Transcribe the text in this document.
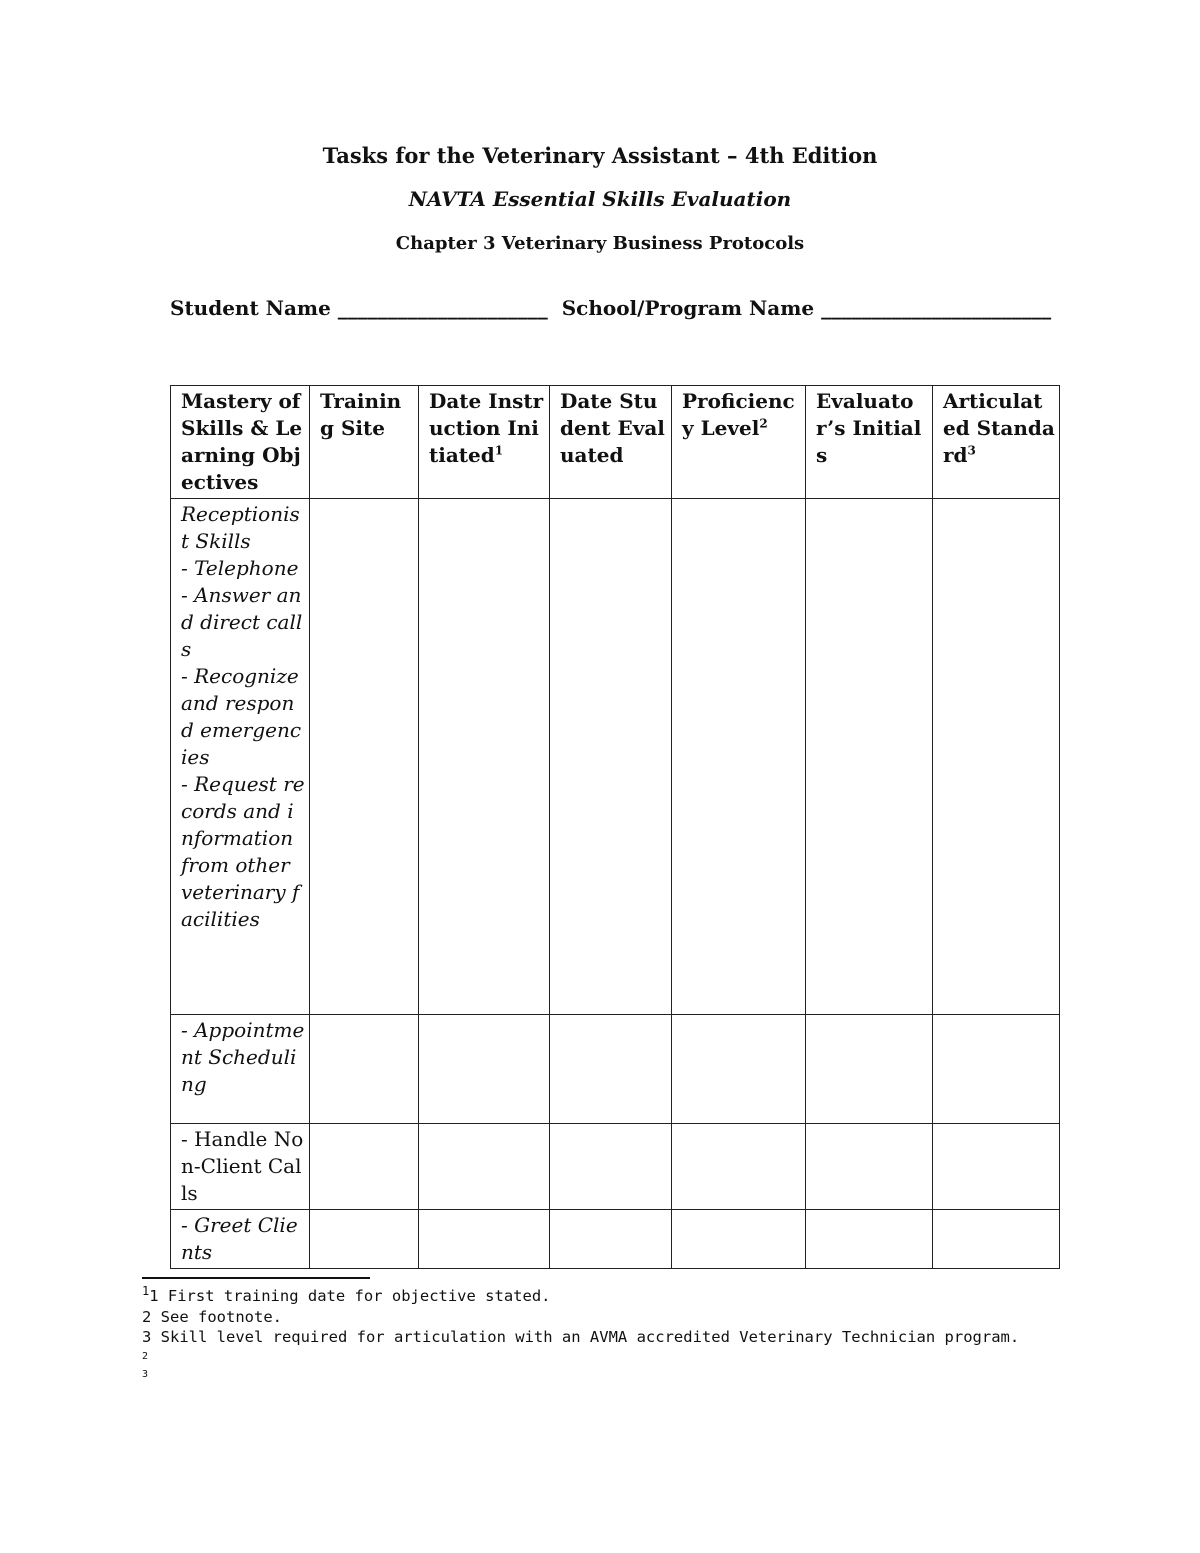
Tasks for the Veterinary Assistant – 4th Edition
NAVTA Essential Skills Evaluation
Chapter 3 Veterinary Business Protocols
Student Name _____________________ School/Program Name _______________________
Mastery of Skills & Learning Objectives	Training Site	Date Instruction Initiated$^1$	Date Student Evaluated	Proficiency Level$^2$	Evaluator’s Initials	Articulated Standard$^3$
Receptionist Skills
- Telephone
- Answer and direct calls
- Recognize and respond emergencies
- Request records and information from other veterinary facilities						
- Appointment Scheduling						
- Handle Non-Client Calls						
- Greet Clients						
$^1$1 First training date for objective stated.
2 See footnote.
3 Skill level required for articulation with an AVMA accredited Veterinary Technician program.
2
3
